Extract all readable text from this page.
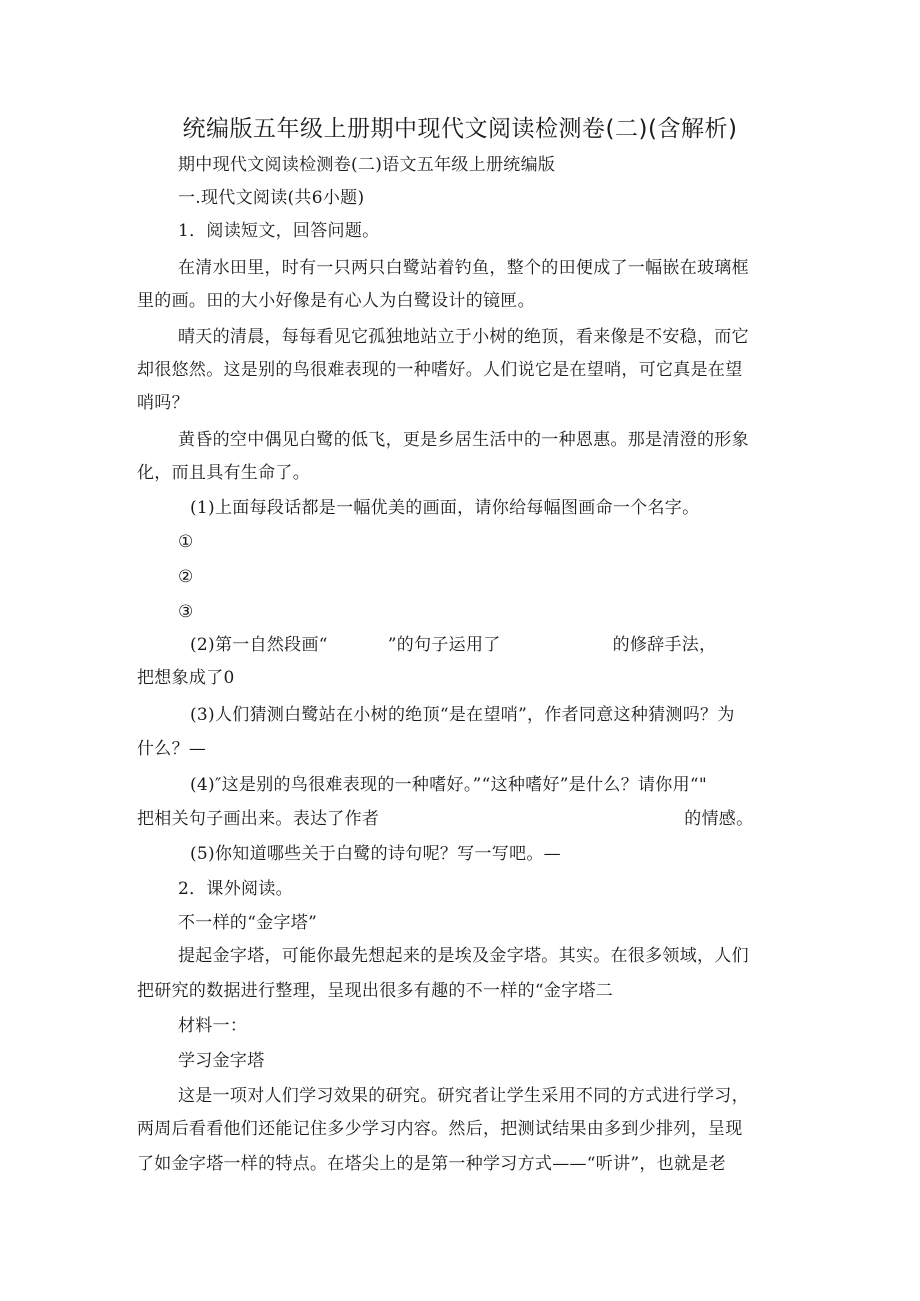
统编版五年级上册期中现代文阅读检测卷(二)(含解析)
期中现代文阅读检测卷(二)语文五年级上册统编版
一.现代文阅读(共6小题)
1．阅读短文，回答问题。
在清水田里，时有一只两只白鹭站着钓鱼，整个的田便成了一幅嵌在玻璃框
里的画。田的大小好像是有心人为白鹭设计的镜匣。
晴天的清晨，每每看见它孤独地站立于小树的绝顶，看来像是不安稳，而它
却很悠然。这是别的鸟很难表现的一种嗜好。人们说它是在望哨，可它真是在望
哨吗？
黄昏的空中偶见白鹭的低飞，更是乡居生活中的一种恩惠。那是清澄的形象
化，而且具有生命了。
(1)上面每段话都是一幅优美的画面，请你给每幅图画命一个名字。
①
②
③
(2)第一自然段画“	”的句子运用了	的修辞手法，
把想象成了0
(3)人们猜测白鹭站在小树的绝顶“是在望哨”，作者同意这种猜测吗？为
什么？—
(4)″这是别的鸟很难表现的一种嗜好。”“这种嗜好”是什么？请你用“"
把相关句子画出来。表达了作者	的情感。
(5)你知道哪些关于白鹭的诗句呢？写一写吧。—
2．课外阅读。
不一样的“金字塔”
提起金字塔，可能你最先想起来的是埃及金字塔。其实。在很多领域，人们
把研究的数据进行整理，呈现出很多有趣的不一样的“金字塔二
材料一：
学习金字塔
这是一项对人们学习效果的研究。研究者让学生采用不同的方式进行学习，
两周后看看他们还能记住多少学习内容。然后，把测试结果由多到少排列，呈现
了如金字塔一样的特点。在塔尖上的是第一种学习方式——“听讲”，也就是老
